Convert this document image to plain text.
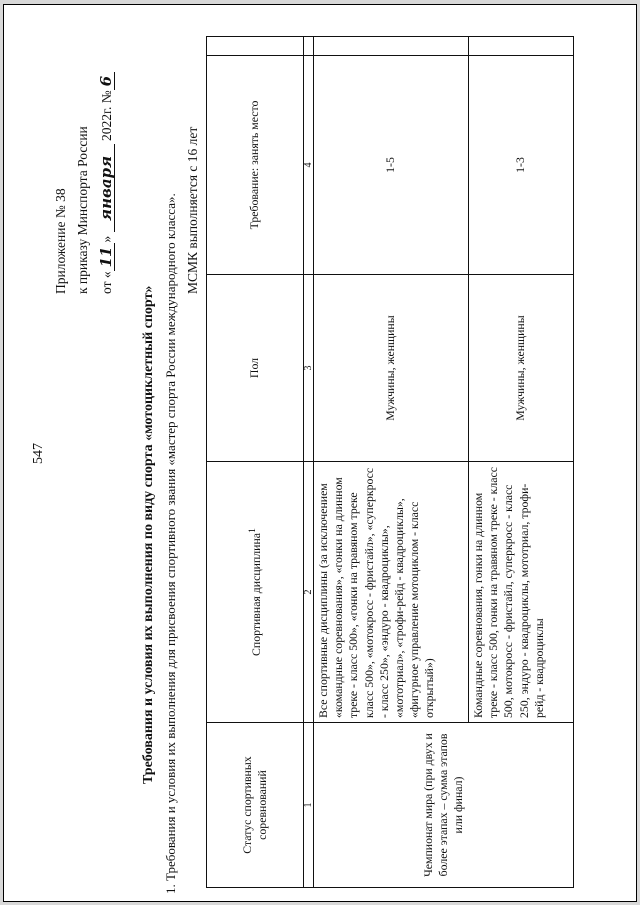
547
Приложение № 38 к приказу Минспорта России от «11» января 2022г. №6
Требования и условия их выполнения по виду спорта «мотоциклетный спорт» 1. Требования и условия их выполнения для присвоения спортивного звания «мастер спорта России международного класса». МСМК выполняется с 16 лет
Статус спортивных соревнований	Спортивная дисциплина$^1$	Пол	Требование: занять место	
1	2	3	4	
Чемпионат мира (при двух и более этапах – сумма этапов или финал)	Все спортивные дисциплины (за исключением «командные соревнования», «гонки на длинном треке - класс 500», «гонки на травяном треке класс 500», «мотокросс - фристайл», «суперкросс - класс 250», «эндуро - квадроциклы», «мототриал», «трофи-рейд - квадроциклы», «фигурное управление мотоциклом - класс открытый»)	Мужчины, женщины	1-5	
	Командные соревнования, гонки на длинном треке - класс 500, гонки на травяном треке - класс 500, мотокросс - фристайл, суперкросс - класс 250, эндуро - квадроциклы, мототриал, трофи-рейд - квадроциклы	Мужчины, женщины	1-3	
